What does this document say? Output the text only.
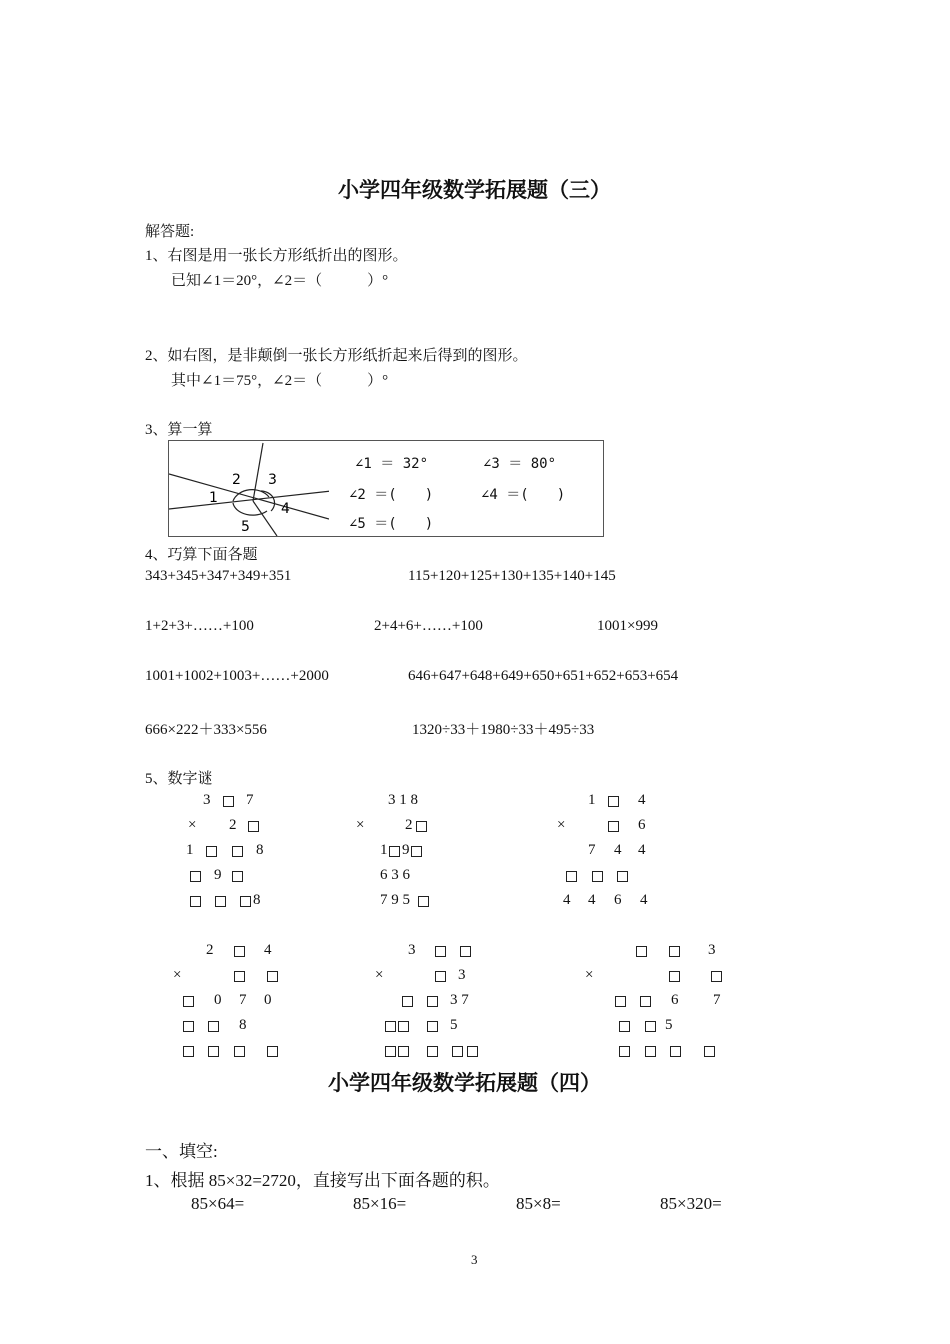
小学四年级数学拓展题（三）
解答题:
1、右图是用一张长方形纸折出的图形。
已知∠1＝20°，∠2＝（　　　）°
2、如右图，是非颠倒一张长方形纸折起来后得到的图形。
其中∠1＝75°，∠2＝（　　　）°
3、算一算
1
2 3
4
5
∠1 ＝ 32°	∠3 ＝ 80°
∠2 ＝(　　)	∠4 ＝(　　)
∠5 ＝(　　)
4、巧算下面各题
343+345+347+349+351	115+120+125+130+135+140+145
1+2+3+……+100	2+4+6+……+100	1001×999
1001+1002+1003+……+2000	646+647+648+649+650+651+652+653+654
666×222＋333×556	1320÷33＋1980÷33＋495÷33
5、数字谜
3 7
× 2
1	8
9
8
3 1 8
×	2
1 9
6 3 6
7 9 5
1	4
×	6
7 4 4
4 4 6 4
2	4
×
0 7 0
8
3
×	3
3 7
5
3
×
6 7
5
小学四年级数学拓展题（四）
一、填空:
1、根据 85×32=2720，直接写出下面各题的积。
85×64=	85×16=	85×8=	85×320=
3
